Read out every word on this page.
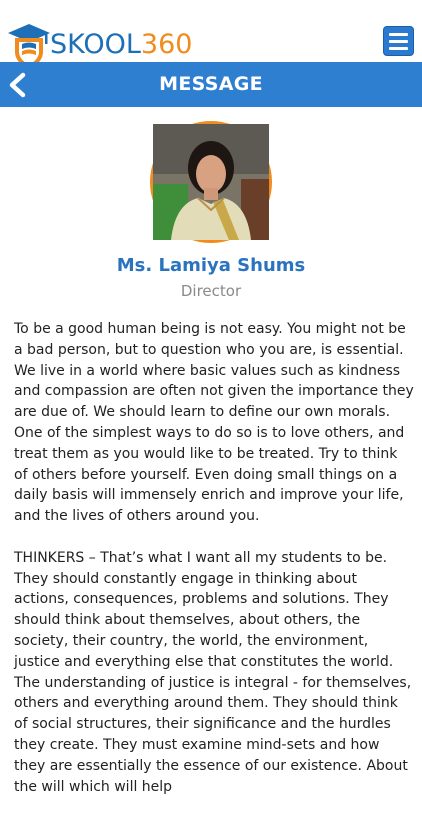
SKOOL360
MESSAGE
Ms. Lamiya Shums
Director

To be a good human being is not easy. You might not be a bad person, but to question who you are, is essential. We live in a world where basic values such as kindness and compassion are often not given the importance they are due of. We should learn to define our own morals. One of the simplest ways to do so is to love others, and treat them as you would like to be treated. Try to think of others before yourself. Even doing small things on a daily basis will immensely enrich and improve your life, and the lives of others around you.

THINKERS – That’s what I want all my students to be. They should constantly engage in thinking about actions, consequences, problems and solutions. They should think about themselves, about others, the society, their country, the world, the environment, justice and everything else that constitutes the world. The understanding of justice is integral - for themselves, others and everything around them. They should think of social structures, their significance and the hurdles they create. They must examine mind-sets and how they are essentially the essence of our existence. About the will which will help
